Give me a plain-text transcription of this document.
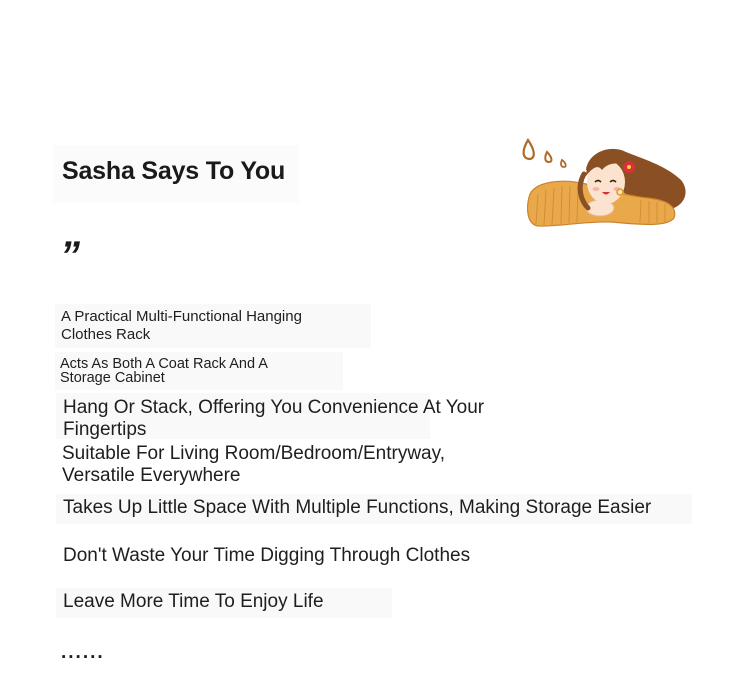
Sasha Says To You
”
A Practical Multi-Functional Hanging Clothes Rack
Acts As Both A Coat Rack And A Storage Cabinet
Hang Or Stack, Offering You Convenience At Your Fingertips
Suitable For Living Room/Bedroom/Entryway, Versatile Everywhere
Takes Up Little Space With Multiple Functions, Making Storage Easier
Don't Waste Your Time Digging Through Clothes
Leave More Time To Enjoy Life
......
